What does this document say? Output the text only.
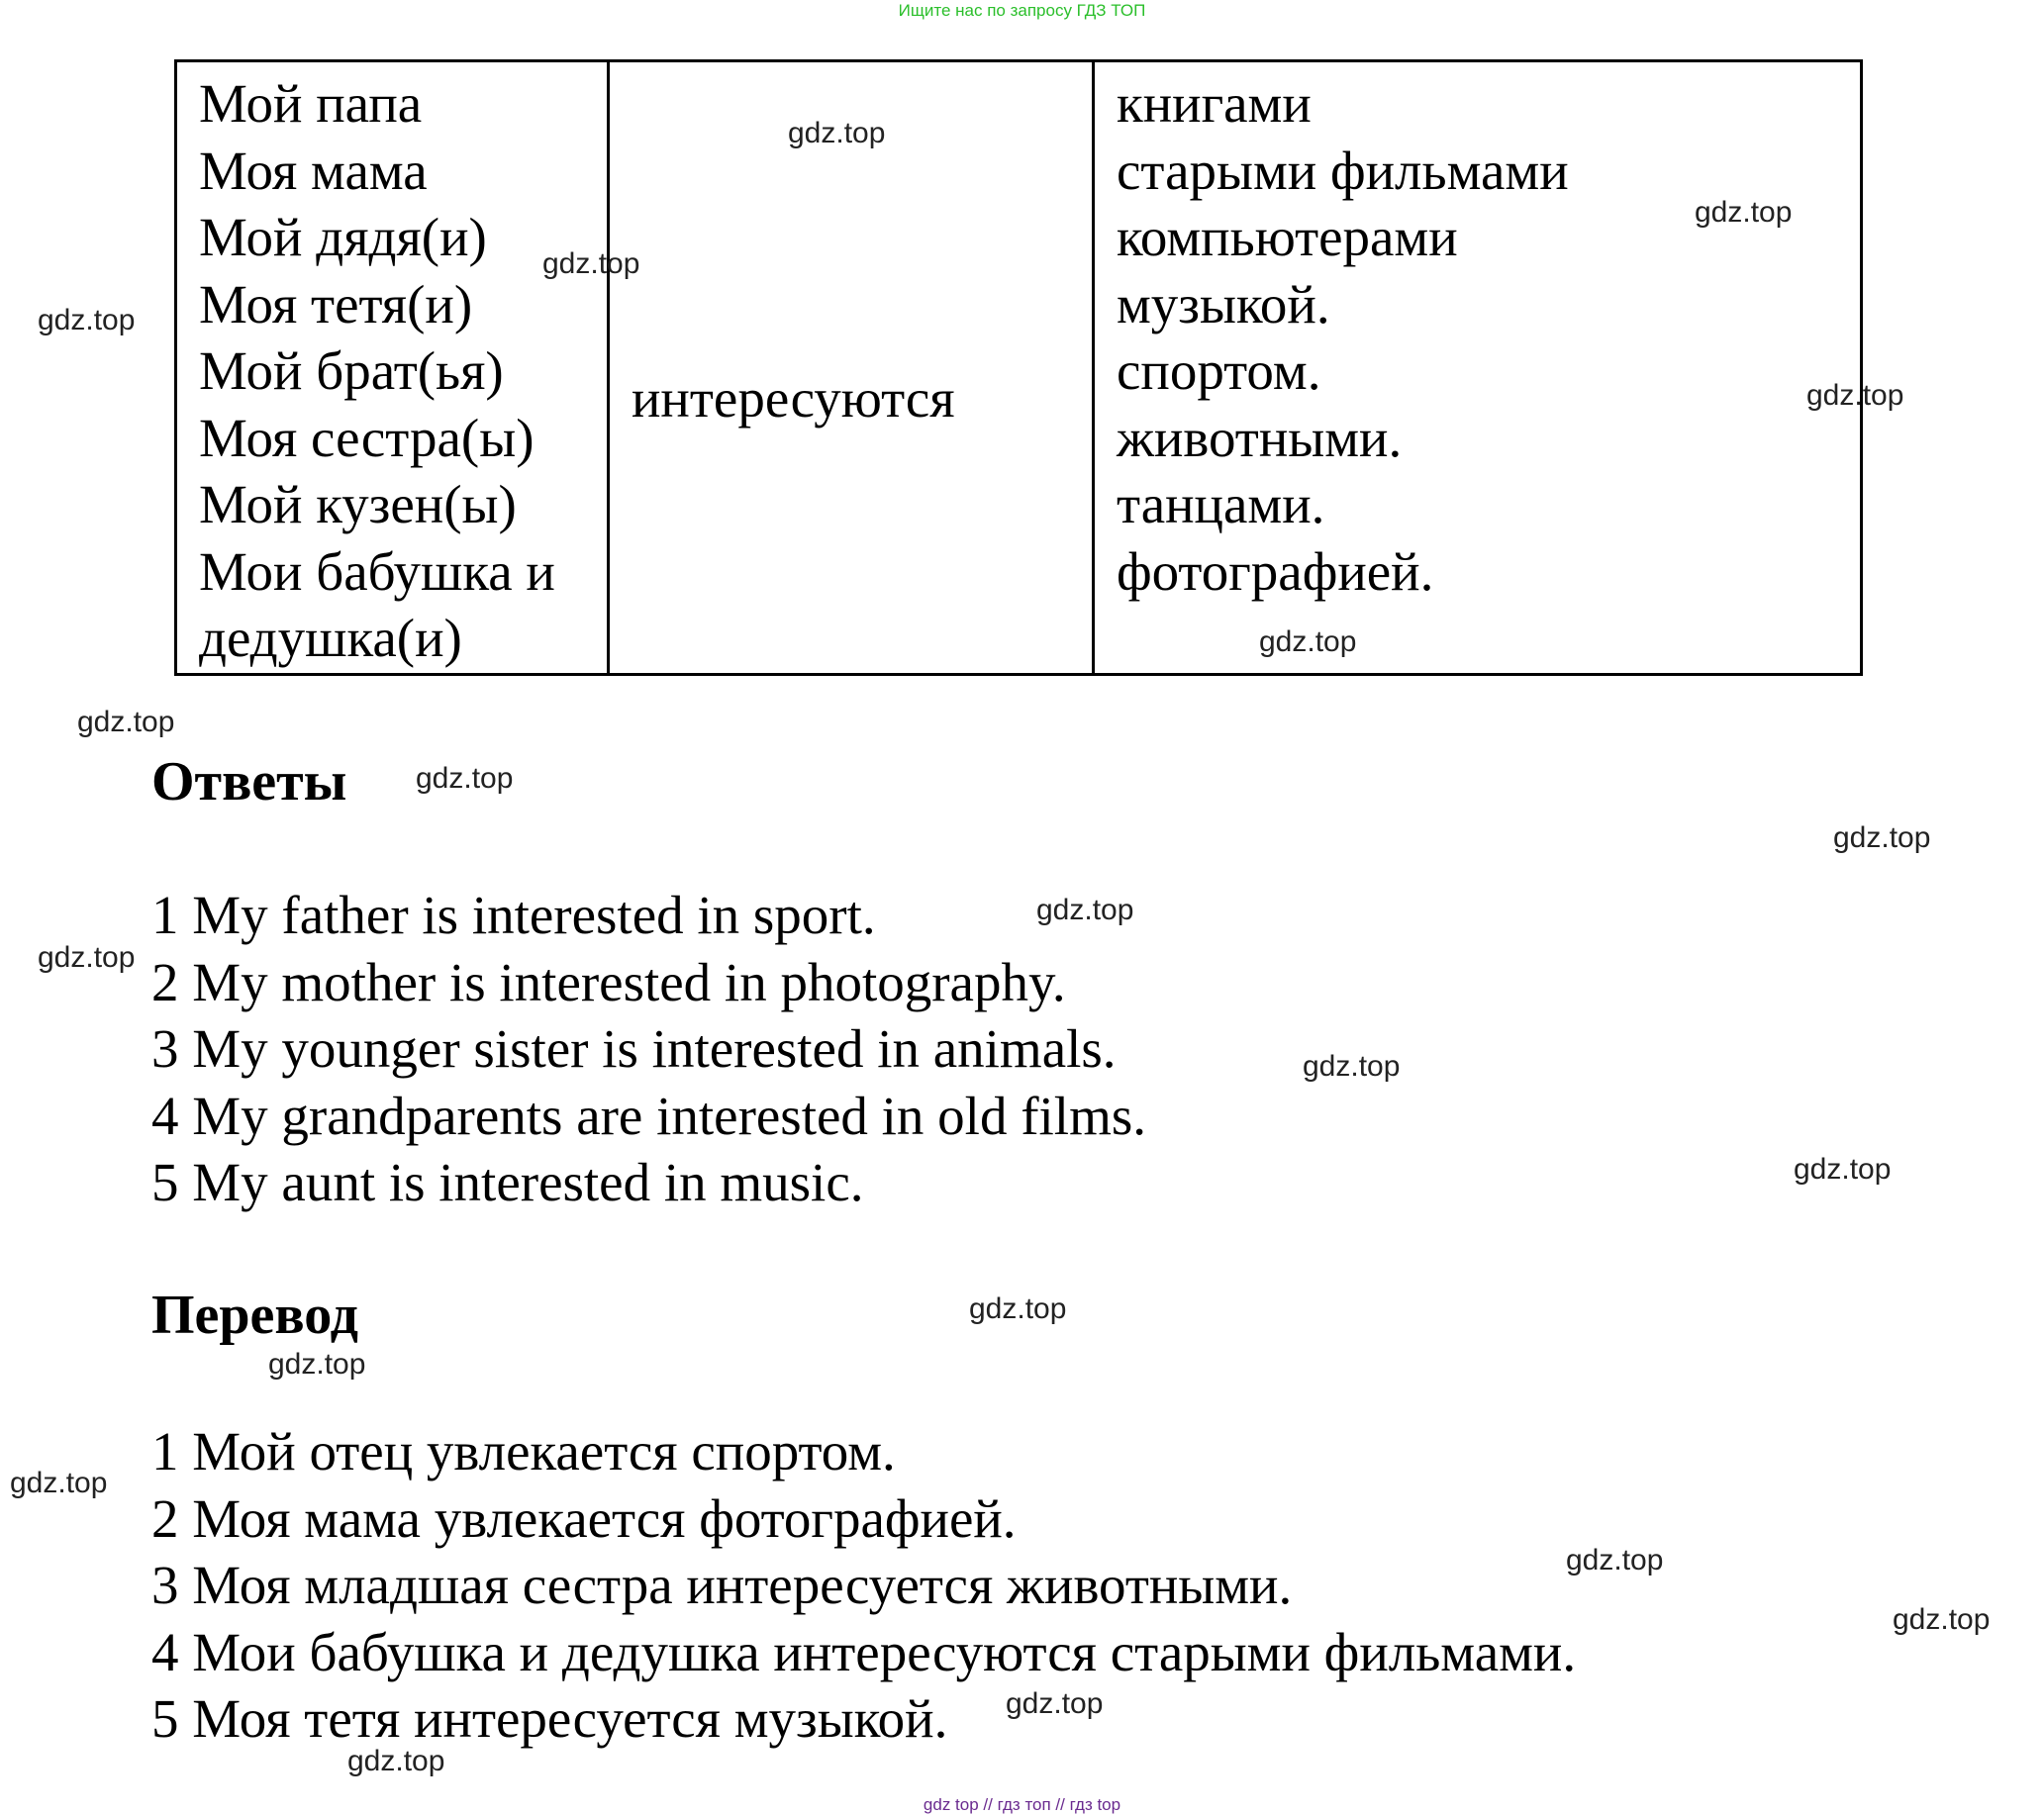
Ищите нас по запросу ГДЗ ТОП
Мой папа
Моя мама
Мой дядя(и)
Моя тетя(и)
Мой брат(ья)
Моя сестра(ы)
Мой кузен(ы)
Мои бабушка и
дедушка(и)
интересуются
книгами
старыми фильмами
компьютерами
музыкой.
спортом.
животными.
танцами.
фотографией.
Ответы
1 My father is interested in sport.
2 My mother is interested in photography.
3 My younger sister is interested in animals.
4 My grandparents are interested in old films.
5 My aunt is interested in music.
Перевод
1 Мой отец увлекается спортом.
2 Моя мама увлекается фотографией.
3 Моя младшая сестра интересуется животными.
4 Мои бабушка и дедушка интересуются старыми фильмами.
5 Моя тетя интересуется музыкой.
gdz.top
gdz.top
gdz.top
gdz.top
gdz.top
gdz.top
gdz.top
gdz.top
gdz.top
gdz.top
gdz.top
gdz.top
gdz.top
gdz.top
gdz.top
gdz.top
gdz.top
gdz.top
gdz.top
gdz.top
gdz top // гдз топ // гдз top
